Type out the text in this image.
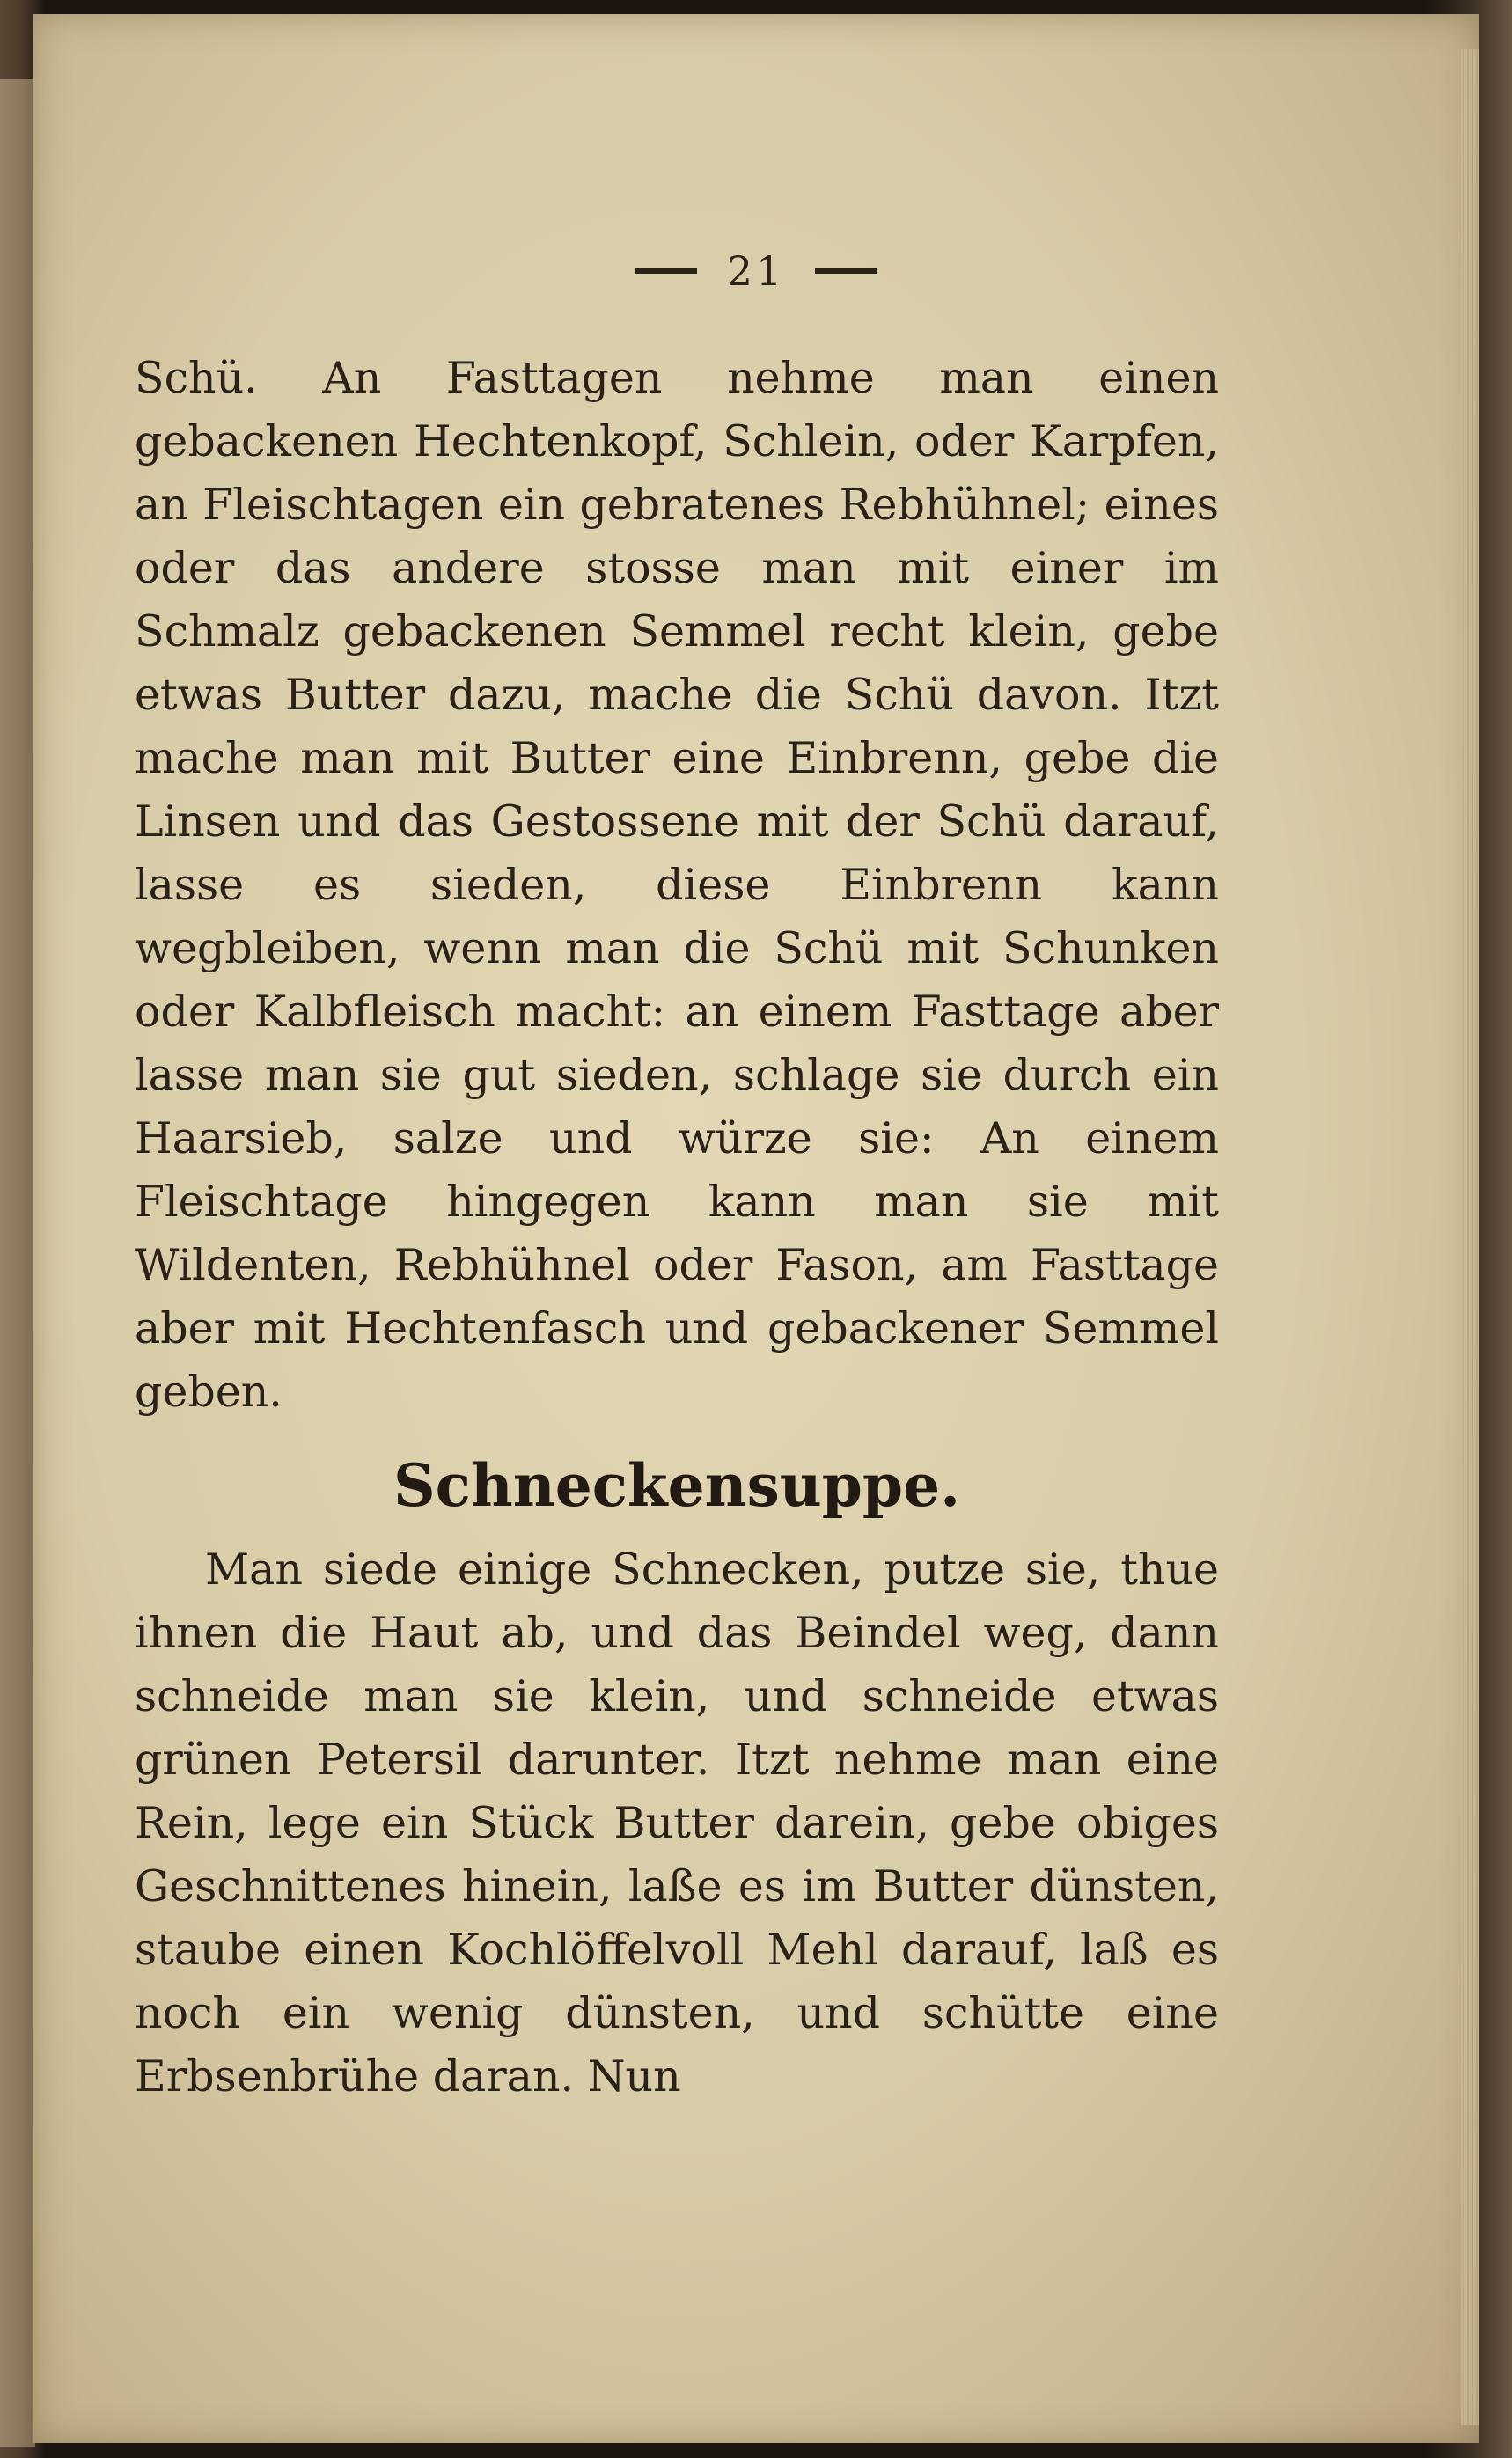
21

Schü. An Fasttagen nehme man einen gebackenen Hechtenkopf, Schlein, oder Karpfen, an Fleischtagen ein gebratenes Rebhühnel; eines oder das andere stosse man mit einer im Schmalz gebackenen Semmel recht klein, gebe etwas Butter dazu, mache die Schü davon. Itzt mache man mit Butter eine Einbrenn, gebe die Linsen und das Gestossene mit der Schü darauf, lasse es sieden, diese Einbrenn kann wegbleiben, wenn man die Schü mit Schunken oder Kalbfleisch macht: an einem Fasttage aber lasse man sie gut sieden, schlage sie durch ein Haarsieb, salze und würze sie: An einem Fleischtage hingegen kann man sie mit Wildenten, Rebhühnel oder Fason, am Fasttage aber mit Hechtenfasch und gebackener Semmel geben.

Schneckensuppe.

Man siede einige Schnecken, putze sie, thue ihnen die Haut ab, und das Beindel weg, dann schneide man sie klein, und schneide etwas grünen Petersil darunter. Itzt nehme man eine Rein, lege ein Stück Butter darein, gebe obiges Geschnittenes hinein, laße es im Butter dünsten, staube einen Kochlöffelvoll Mehl darauf, laß es noch ein wenig dünsten, und schütte eine Erbsenbrühe daran. Nun
